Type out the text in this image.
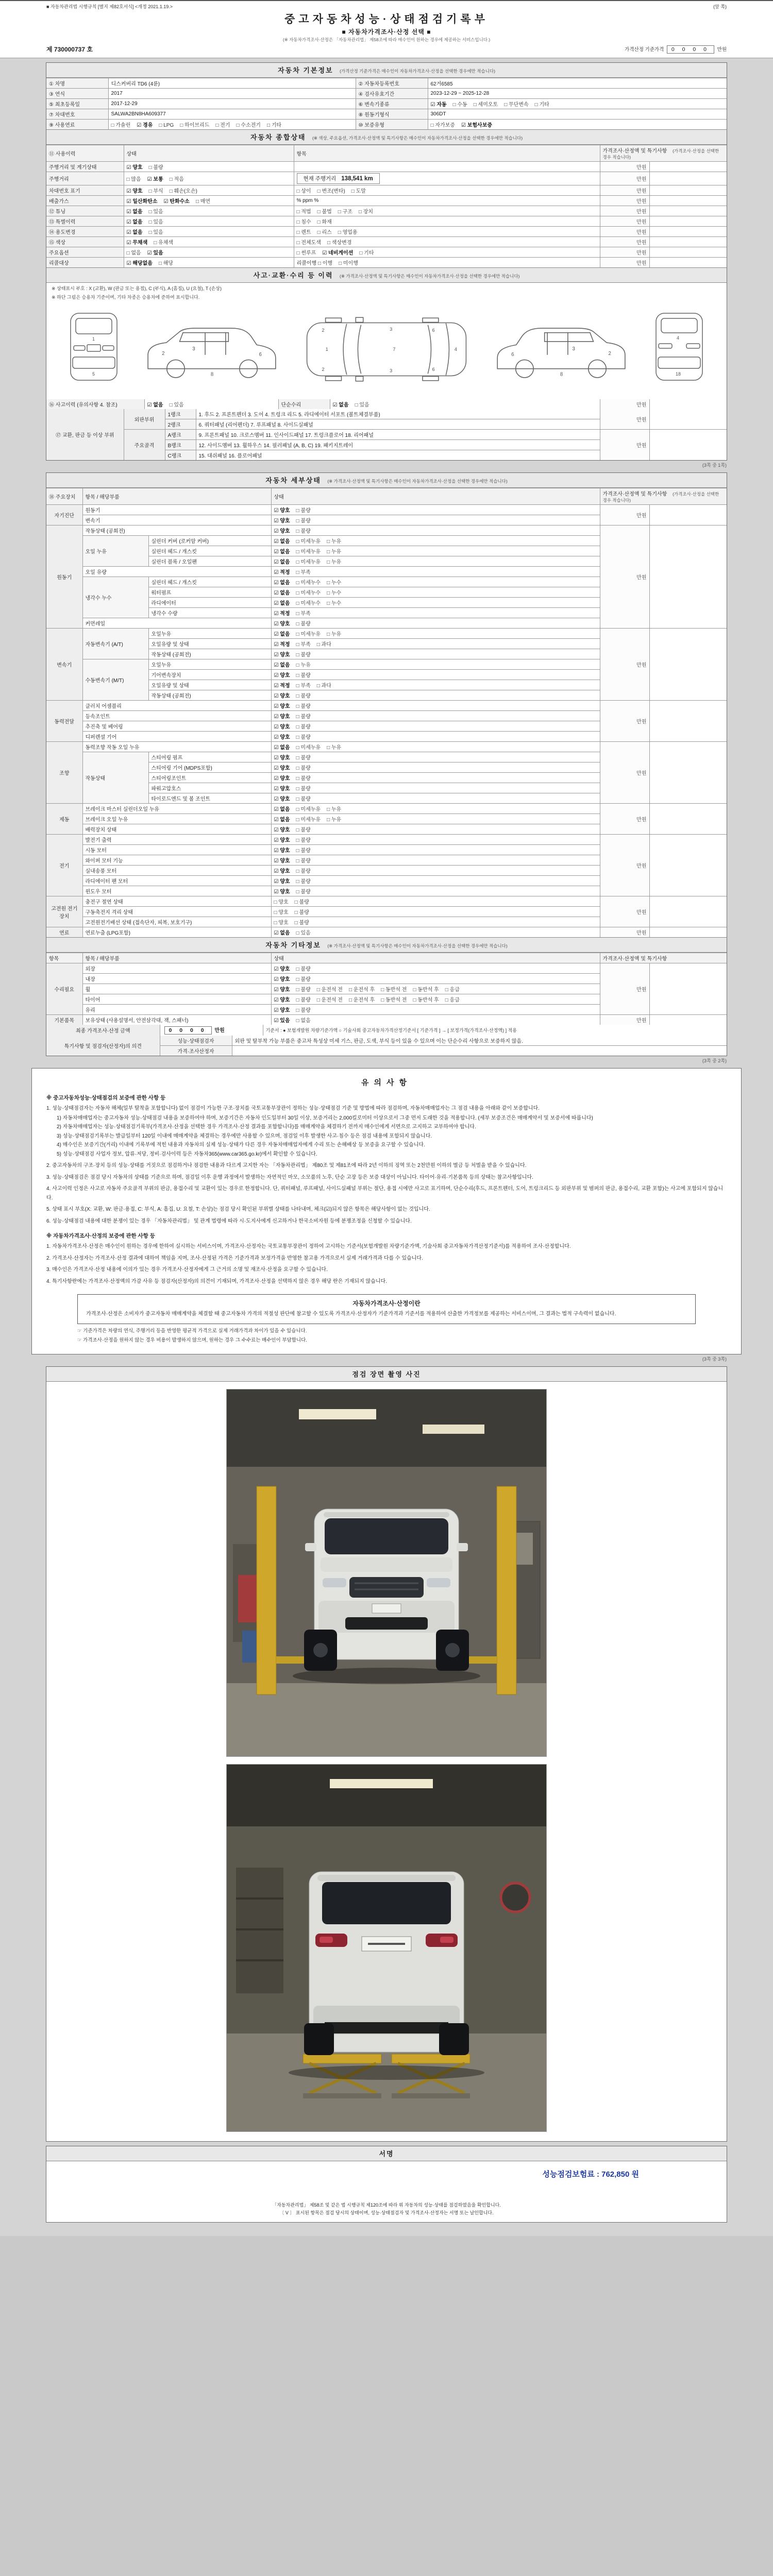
■ 자동차관리법 시행규칙 [별지 제82호서식] <개정 2021.1.19.>	(앞 쪽)
중고자동차성능·상태점검기록부
■ 자동차가격조사·산정 선택 ■
(※ 자동차가격조사·산정은 「자동차관리법」 제58조에 따라 매수인이 원하는 경우에 제공하는 서비스입니다.)
제 730000737 호	가격산정 기준가격 0 0 0 0 만원
자동차 기본정보 (가격산정 기준가격은 매수인이 자동차가격조사·산정을 선택한 경우에만 적습니다)
① 차명	디스커버리 TD6 (4륜)	② 자동차등록번호	62거6585
③ 연식	2017	④ 검사유효기간	2023-12-29 ~ 2025-12-28
⑤ 최초등록일	2017-12-29	⑥ 변속기종류	☑ 자동 □ 수동 □ 세미오토 □ 무단변속 □ 기타
⑦ 차대번호	SALWA2BN8HA609377	⑧ 원동기형식	306DT
⑨ 사용연료	□ 가솔린 ☑ 경유 □ LPG □ 하이브리드 □ 전기 □ 수소전기 □ 기타	⑩ 보증유형	□ 자가보증 ☑ 보험사보증
자동차 종합상태 (※ 색상, 주요옵션, 가격조사·산정액 및 특기사항은 매수인이 자동차가격조사·산정을 선택한 경우에만 적습니다)
⑪ 사용이력	상태	항목	가격조사·산정액 및 특기사항 (가격조사·산정을 선택한 경우 적습니다)	
주행거리 및 계기상태	☑ 양호 □ 불량		만원	
주행거리	□ 많음 ☑ 보통 □ 적음	현재 주행거리 138,541 km	만원	
차대번호 표기	☑ 양호 □ 부식 □ 훼손(오손)	□ 상이 □ 변조(변타) □ 도말	만원	
배출가스	☑ 일산화탄소 ☑ 탄화수소 □ 매연	% ppm %	만원	
⑫ 튜닝	☑ 없음 □ 있음	□ 적법 □ 불법 □ 구조 □ 장치	만원	
⑬ 특별이력	☑ 없음 □ 있음	□ 침수 □ 화재	만원	
⑭ 용도변경	☑ 없음 □ 있음	□ 렌트 □ 리스 □ 영업용	만원	
⑮ 색상	☑ 무채색 □ 유채색	□ 전체도색 □ 색상변경	만원	
주요옵션	□ 없음 ☑ 있음	□ 썬루프 ☑ 네비게이션 □ 기타	만원	
리콜대상	☑ 해당없음 □ 해당	리콜이행 □ 이행 □ 미이행	만원	
사고·교환·수리 등 이력 (※ 가격조사·산정액 및 특기사항은 매수인이 자동차가격조사·산정을 선택한 경우에만 적습니다)
※ 상태표시 부호 : X (교환), W (판금 또는 용접), C (부식), A (흠집), U (요철), T (손상)
※ 하단 그림은 승용차 기준이며, 기타 차종은 승용차에 준하여 표시합니다.
1
5
3
2	6
8
1	7	4
2
2
3
3
6
6
3
6	2
8
4
18
⑯ 사고이력 (유의사항 4. 참조)	☑ 없음 □ 있음	단순수리	☑ 없음 □ 있음	만원	
⑰ 교환, 판금 등 이상 부위	외판부위	1랭크	1. 후드 2. 프론트펜더 3. 도어 4. 트렁크 리드 5. 라디에이터 서포트 (볼트체결부품)	만원	
		2랭크	6. 쿼터패널 (리어펜더) 7. 루프패널 8. 사이드실패널		
	주요골격	A랭크	9. 프론트패널 10. 크로스멤버 11. 인사이드패널 17. 트렁크플로어 18. 리어패널	만원	
		B랭크	12. 사이드멤버 13. 휠하우스 14. 필러패널 (A, B, C) 19. 패키지트레이		
		C랭크	15. 대쉬패널 16. 플로어패널		
(3쪽 중 1쪽)
자동차 세부상태 (※ 가격조사·산정액 및 특기사항은 매수인이 자동차가격조사·산정을 선택한 경우에만 적습니다)
⑱ 주요장치	항목 / 해당부품		상태	가격조사·산정액 및 특기사항 (가격조사·산정을 선택한 경우 적습니다)	
자기진단	원동기		☑ 양호 □ 불량	만원	
	변속기		☑ 양호 □ 불량		
원동기	작동상태 (공회전)		☑ 양호 □ 불량	만원	
	오일 누유	실린더 커버 (로커암 커버)	☑ 없음 □ 미세누유 □ 누유		
		실린더 헤드 / 개스킷	☑ 없음 □ 미세누유 □ 누유		
		실린더 블록 / 오일팬	☑ 없음 □ 미세누유 □ 누유		
	오일 유량		☑ 적정 □ 부족		
	냉각수 누수	실린더 헤드 / 개스킷	☑ 없음 □ 미세누수 □ 누수		
		워터펌프	☑ 없음 □ 미세누수 □ 누수		
		라디에이터	☑ 없음 □ 미세누수 □ 누수		
		냉각수 수량	☑ 적정 □ 부족		
	커먼레일		☑ 양호 □ 불량		
변속기	자동변속기 (A/T)	오일누유	☑ 없음 □ 미세누유 □ 누유	만원	
		오일유량 및 상태	☑ 적정 □ 부족 □ 과다		
		작동상태 (공회전)	☑ 양호 □ 불량		
	수동변속기 (M/T)	오일누유	☑ 없음 □ 누유		
		기어변속장치	☑ 양호 □ 불량		
		오일유량 및 상태	☑ 적정 □ 부족 □ 과다		
		작동상태 (공회전)	☑ 양호 □ 불량		
동력전달	클러치 어셈블리		☑ 양호 □ 불량	만원	
	등속조인트		☑ 양호 □ 불량		
	추진축 및 베어링		☑ 양호 □ 불량		
	디퍼렌셜 기어		☑ 양호 □ 불량		
조향	동력조향 작동 오일 누유		☑ 없음 □ 미세누유 □ 누유	만원	
	작동상태	스티어링 펌프	☑ 양호 □ 불량		
		스티어링 기어 (MDPS포함)	☑ 양호 □ 불량		
		스티어링조인트	☑ 양호 □ 불량		
		파워고압호스	☑ 양호 □ 불량		
		타이로드엔드 및 볼 조인트	☑ 양호 □ 불량		
제동	브레이크 마스터 실린더오일 누유		☑ 없음 □ 미세누유 □ 누유	만원	
	브레이크 오일 누유		☑ 없음 □ 미세누유 □ 누유		
	배력장치 상태		☑ 양호 □ 불량		
전기	발전기 출력		☑ 양호 □ 불량	만원	
	시동 모터		☑ 양호 □ 불량		
	와이퍼 모터 기능		☑ 양호 □ 불량		
	실내송풍 모터		☑ 양호 □ 불량		
	라디에이터 팬 모터		☑ 양호 □ 불량		
	윈도우 모터		☑ 양호 □ 불량		
고전원 전기장치	충전구 절연 상태		□ 양호 □ 불량	만원	
	구동축전지 격리 상태		□ 양호 □ 불량		
	고전원전기배선 상태 (접속단자, 피복, 보호기구)		□ 양호 □ 불량		
연료	연료누출 (LPG포함)		☑ 없음 □ 있음	만원	
자동차 기타정보 (※ 가격조사·산정액 및 특기사항은 매수인이 자동차가격조사·산정을 선택한 경우에만 적습니다)
항목	항목 / 해당부품	상태	가격조사·산정액 및 특기사항	
수리필요	외장	☑ 양호 □ 불량	만원	
	내장	☑ 양호 □ 불량		
	휠	☑ 양호 □ 불량 □ 운전석 전 □ 운전석 후 □ 동반석 전 □ 동반석 후 □ 응급		
	타이어	☑ 양호 □ 불량 □ 운전석 전 □ 운전석 후 □ 동반석 전 □ 동반석 후 □ 응급		
	유리	☑ 양호 □ 불량		
기본품목	보유상태 (사용설명서, 안전삼각대, 잭, 스패너)	☑ 있음 □ 없음	만원	
최종 가격조사·산정 금액	0 0 0 0 만원	기준서 : ● 보험개발원 차량기준가액 ○ 기술사회 중고자동차가격산정기준서 [ 기준가격 ] → [ 보정가격(가격조사·산정액) ] 적용
특기사항 및 점검자(산정자)의 의견	성능·상태점검자	외판 및 탈부착 가능 부품은 중고차 특성상 미세 기스, 판금, 도색, 부식 등이 있을 수 있으며 이는 단순수리 사항으로 보증하지 않음.
	가격·조사산정자	
(3쪽 중 2쪽)
유의사항
※ 중고자동차성능·상태점검의 보증에 관한 사항 등
1. 성능·상태점검자는 자동차 해체(일부 탈착을 포함합니다) 없이 점검이 가능한 구조·장치를 국토교통부장관이 정하는 성능·상태점검 기준 및 방법에 따라 점검하며, 자동차매매업자는 그 점검 내용을 아래와 같이 보증합니다.
1) 자동차매매업자는 중고자동차 성능·상태점검 내용을 보증하여야 하며, 보증기간은 자동차 인도일부터 30일 이상, 보증거리는 2,000킬로미터 이상으로서 그중 먼저 도래한 것을 적용합니다. (세부 보증조건은 매매계약서 및 보증서에 따릅니다)
2) 자동차매매업자는 성능·상태점검기록부(가격조사·산정을 선택한 경우 가격조사·산정 결과를 포함합니다)를 매매계약을 체결하기 전까지 매수인에게 서면으로 고지하고 교부하여야 합니다.
3) 성능·상태점검기록부는 발급일부터 120일 이내에 매매계약을 체결하는 경우에만 사용할 수 있으며, 점검일 이후 발생한 사고·침수 등은 점검 내용에 포함되지 않습니다.
4) 매수인은 보증기간(거리) 이내에 기록부에 적힌 내용과 자동차의 실제 성능·상태가 다른 경우 자동차매매업자에게 수리 또는 손해배상 등 보증을 요구할 수 있습니다.
5) 성능·상태점검 사업자 정보, 압류·저당, 정비·검사이력 등은 자동차365(www.car365.go.kr)에서 확인할 수 있습니다.
2. 중고자동차의 구조·장치 등의 성능·상태를 거짓으로 점검하거나 점검한 내용과 다르게 고지한 자는 「자동차관리법」 제80조 및 제81조에 따라 2년 이하의 징역 또는 2천만원 이하의 벌금 등 처벌을 받을 수 있습니다.
3. 성능·상태점검은 점검 당시 자동차의 상태를 기준으로 하며, 점검일 이후 운행 과정에서 발생하는 자연적인 마모, 소모품의 노후, 단순 고장 등은 보증 대상이 아닙니다. 타이어·유리·기본품목 등의 상태는 참고사항입니다.
4. 사고이력 인정은 사고로 자동차 주요골격 부위의 판금, 용접수리 및 교환이 있는 경우로 한정합니다. 단, 쿼터패널, 루프패널, 사이드실패널 부위는 절단, 용접 시에만 사고로 표기하며, 단순수리(후드, 프론트펜더, 도어, 트렁크리드 등 외판부위 및 범퍼의 판금, 용접수리, 교환 포함)는 사고에 포함되지 않습니다.
5. 상태 표시 부호(X: 교환, W: 판금·용접, C: 부식, A: 흠집, U: 요철, T: 손상)는 점검 당시 확인된 부위별 상태를 나타내며, 체크(☑)되지 않은 항목은 해당사항이 없는 것입니다.
6. 성능·상태점검 내용에 대한 분쟁이 있는 경우 「자동차관리법」 및 관계 법령에 따라 시·도지사에게 신고하거나 한국소비자원 등에 분쟁조정을 신청할 수 있습니다.
※ 자동차가격조사·산정의 보증에 관한 사항 등
1. 자동차가격조사·산정은 매수인이 원하는 경우에 한하여 실시하는 서비스이며, 가격조사·산정자는 국토교통부장관이 정하여 고시하는 기준서(보험개발원 차량기준가액, 기술사회 중고자동차가격산정기준서)를 적용하여 조사·산정합니다.
2. 가격조사·산정자는 가격조사·산정 결과에 대하여 책임을 지며, 조사·산정된 가격은 기준가격과 보정가격을 반영한 참고용 가격으로서 실제 거래가격과 다를 수 있습니다.
3. 매수인은 가격조사·산정 내용에 이의가 있는 경우 가격조사·산정자에게 그 근거의 소명 및 재조사·산정을 요구할 수 있습니다.
4. 특기사항란에는 가격조사·산정액의 가감 사유 등 점검자(산정자)의 의견이 기재되며, 가격조사·산정을 선택하지 않은 경우 해당 란은 기재되지 않습니다.
자동차가격조사·산정이란
가격조사·산정은 소비자가 중고자동차 매매계약을 체결할 때 중고자동차 가격의 적절성 판단에 참고할 수 있도록 가격조사·산정자가 기준가격과 기준서를 적용하여 산출한 가격정보를 제공하는 서비스이며, 그 결과는 법적 구속력이 없습니다.
☞ 기준가격은 차량의 연식, 주행거리 등을 반영한 평균적 가격으로 실제 거래가격과 차이가 있을 수 있습니다.
☞ 가격조사·산정을 원하지 않는 경우 비용이 발생하지 않으며, 원하는 경우 그 수수료는 매수인이 부담합니다.
(3쪽 중 3쪽)
점검 장면 촬영 사진
서명
성능점검보험료 : 762,850 원
「자동차관리법」 제58조 및 같은 법 시행규칙 제120조에 따라 위 자동차의 성능·상태를 점검하였음을 확인합니다.
〔 V 〕 표시된 항목은 점검 당시의 상태이며, 성능·상태점검자 및 가격조사·산정자는 서명 또는 날인합니다.
